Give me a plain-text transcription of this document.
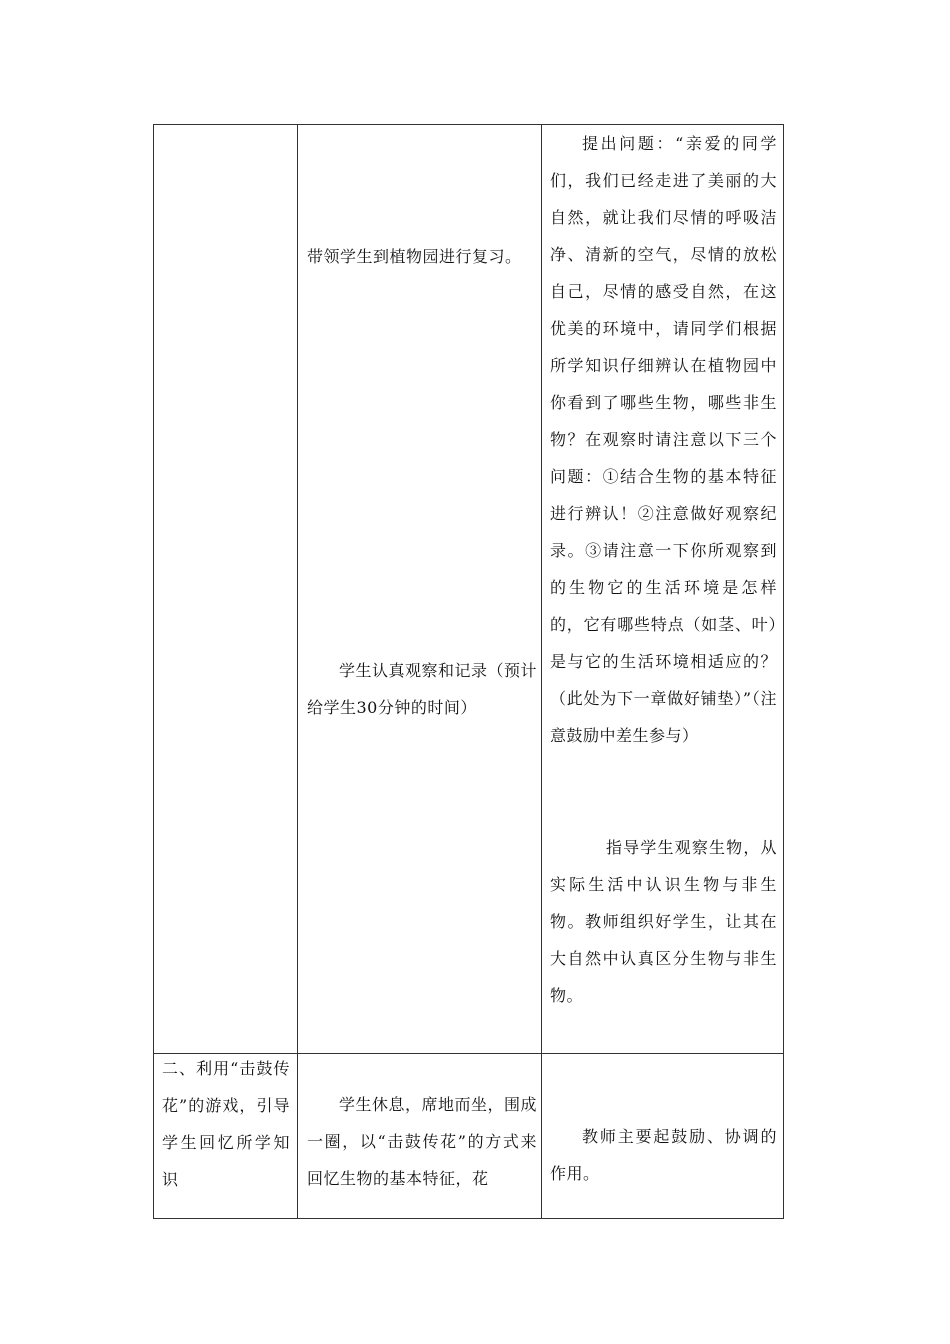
带领学生到植物园进行复习。
学生认真观察和记录（预计给学生30分钟的时间）
提出问题：“亲爱的同学们，我们已经走进了美丽的大自然，就让我们尽情的呼吸洁净、清新的空气，尽情的放松自己，尽情的感受自然，在这优美的环境中，请同学们根据所学知识仔细辨认在植物园中你看到了哪些生物，哪些非生物？在观察时请注意以下三个问题：①结合生物的基本特征进行辨认！②注意做好观察纪录。③请注意一下你所观察到的生物它的生活环境是怎样的，它有哪些特点（如茎、叶）是与它的生活环境相适应的？（此处为下一章做好铺垫）”（注意鼓励中差生参与）
指导学生观察生物，从实际生活中认识生物与非生物。教师组织好学生，让其在大自然中认真区分生物与非生物。
二、利用“击鼓传花”的游戏，引导学生回忆所学知识
学生休息，席地而坐，围成一圈，以“击鼓传花”的方式来回忆生物的基本特征，花
教师主要起鼓励、协调的作用。
